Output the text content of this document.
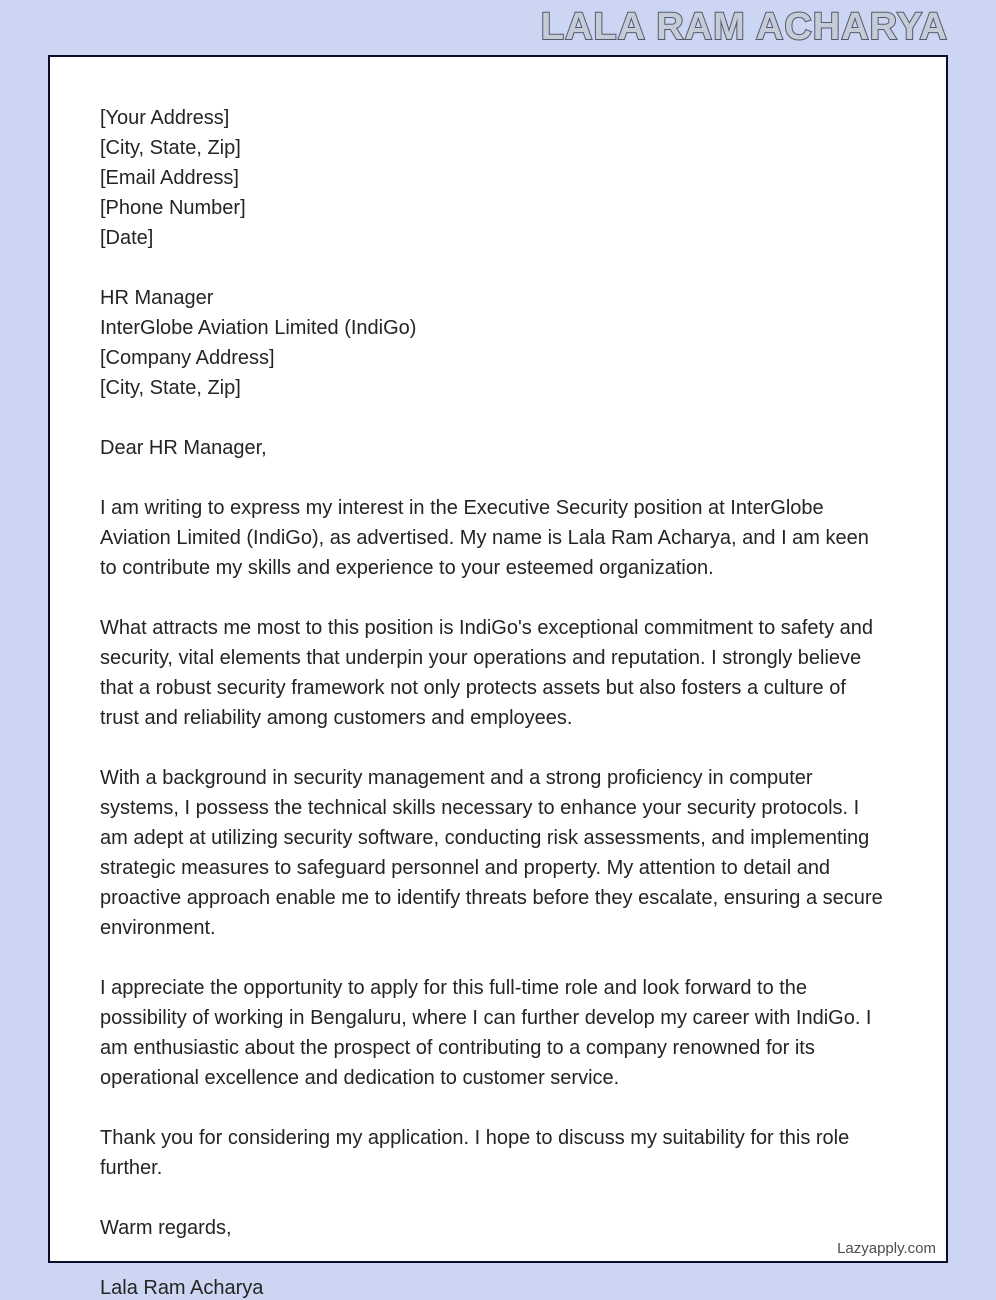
LALA RAM ACHARYA

[Your Address]

[City, State, Zip]

[Email Address]

[Phone Number]

[Date]

HR Manager

InterGlobe Aviation Limited (IndiGo)

[Company Address]

[City, State, Zip]

Dear HR Manager,

I am writing to express my interest in the Executive Security position at InterGlobe Aviation Limited (IndiGo), as advertised. My name is Lala Ram Acharya, and I am keen to contribute my skills and experience to your esteemed organization.

What attracts me most to this position is IndiGo's exceptional commitment to safety and security, vital elements that underpin your operations and reputation. I strongly believe that a robust security framework not only protects assets but also fosters a culture of trust and reliability among customers and employees.

With a background in security management and a strong proficiency in computer systems, I possess the technical skills necessary to enhance your security protocols. I am adept at utilizing security software, conducting risk assessments, and implementing strategic measures to safeguard personnel and property. My attention to detail and proactive approach enable me to identify threats before they escalate, ensuring a secure environment.

I appreciate the opportunity to apply for this full-time role and look forward to the possibility of working in Bengaluru, where I can further develop my career with IndiGo. I am enthusiastic about the prospect of contributing to a company renowned for its operational excellence and dedication to customer service.

Thank you for considering my application. I hope to discuss my suitability for this role further.

Warm regards,

Lala Ram Acharya

Lazyapply.com
